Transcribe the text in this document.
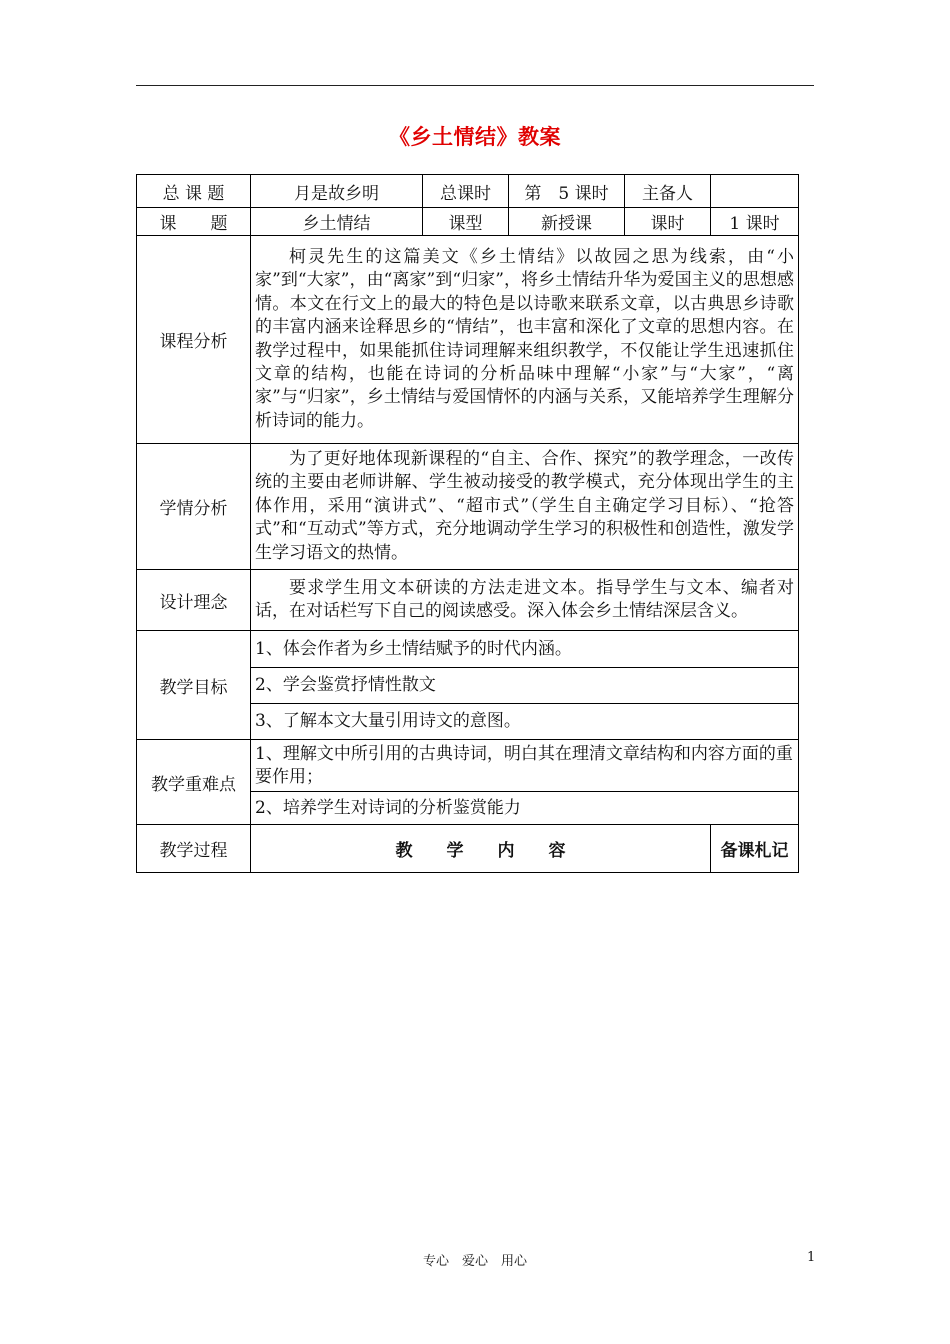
《乡土情结》教案
总 课 题	月是故乡明	总课时	第　5 课时	主备人	
课　　题	乡土情结	课型	新授课	课时	1 课时
课程分析	柯灵先生的这篇美文《乡土情结》以故园之思为线索，由“小家”到“大家”，由“离家”到“归家”，将乡土情结升华为爱国主义的思想感情。本文在行文上的最大的特色是以诗歌来联系文章，以古典思乡诗歌的丰富内涵来诠释思乡的“情结”，也丰富和深化了文章的思想内容。在教学过程中，如果能抓住诗词理解来组织教学，不仅能让学生迅速抓住文章的结构，也能在诗词的分析品味中理解“小家”与“大家”，“离家”与“归家”，乡土情结与爱国情怀的内涵与关系，又能培养学生理解分析诗词的能力。				
学情分析	为了更好地体现新课程的“自主、合作、探究”的教学理念，一改传统的主要由老师讲解、学生被动接受的教学模式，充分体现出学生的主体作用，采用“演讲式”、“超市式”（学生自主确定学习目标）、“抢答式”和“互动式”等方式，充分地调动学生学习的积极性和创造性，激发学生学习语文的热情。				
设计理念	要求学生用文本研读的方法走进文本。指导学生与文本、编者对话，在对话栏写下自己的阅读感受。深入体会乡土情结深层含义。				
教学目标	1、体会作者为乡土情结赋予的时代内涵。				
	2、学会鉴赏抒情性散文				
	3、了解本文大量引用诗文的意图。				
教学重难点	1、理解文中所引用的古典诗词，明白其在理清文章结构和内容方面的重要作用；				
	2、培养学生对诗词的分析鉴赏能力				
教学过程	教　　学　　内　　容				备课札记
专心　爱心　用心	1
